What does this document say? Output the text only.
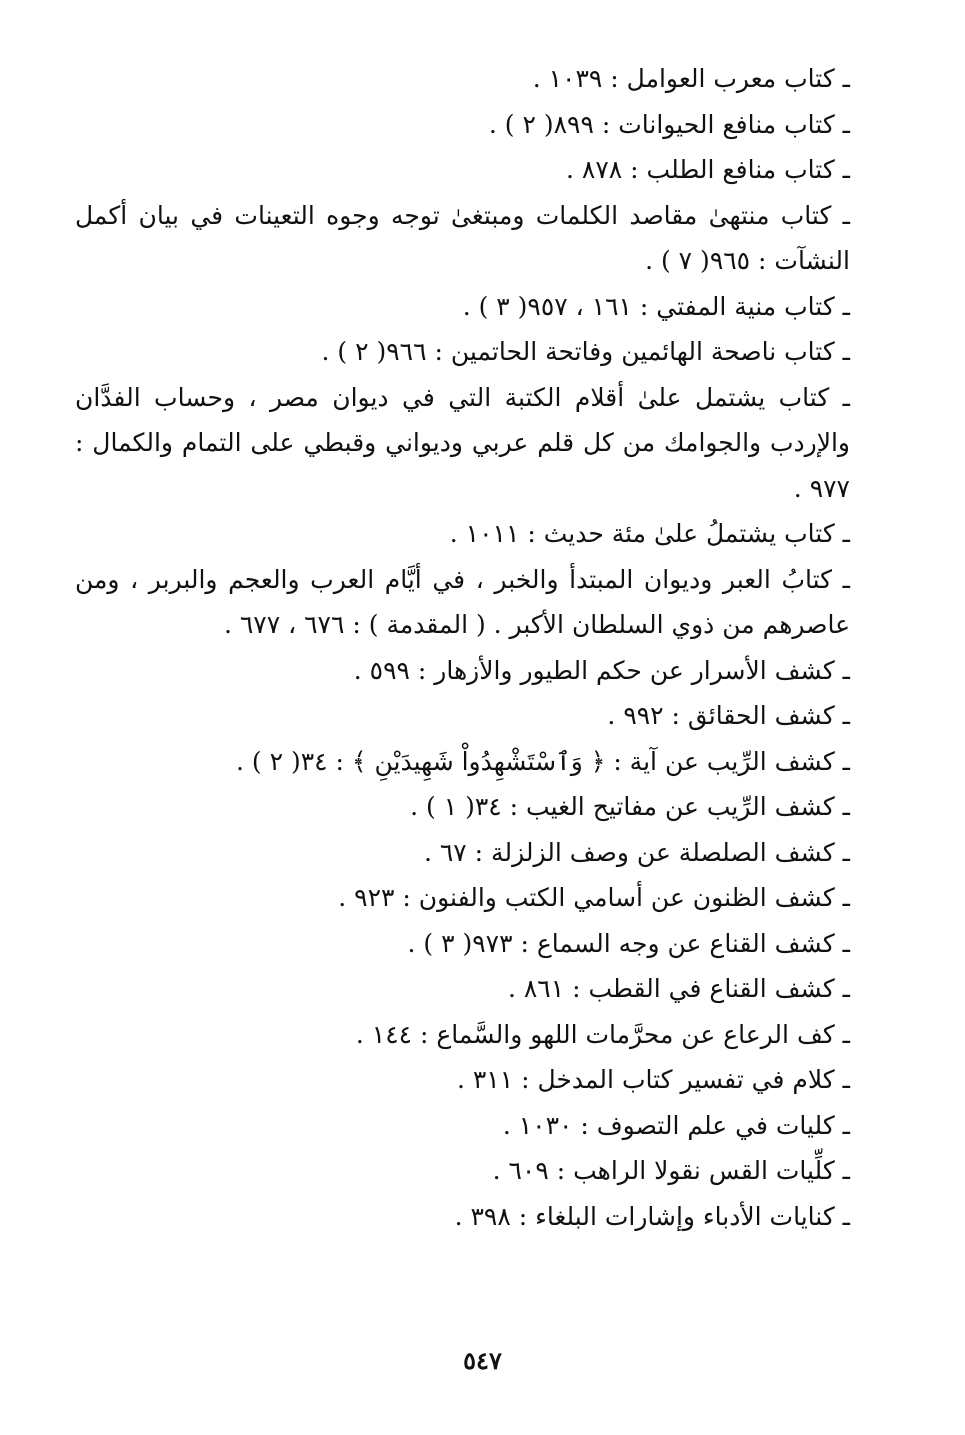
ـ كتاب معرب العوامل : ١٠٣٩ .
ـ كتاب منافع الحيوانات : ٨٩٩( ٢ ) .
ـ كتاب منافع الطلب : ٨٧٨ .
ـ كتاب منتهىٰ مقاصد الكلمات ومبتغىٰ توجه وجوه التعينات في بيان أكمل النشآت : ٩٦٥( ٧ ) .
ـ كتاب منية المفتي : ١٦١ ، ٩٥٧( ٣ ) .
ـ كتاب ناصحة الهائمين وفاتحة الحاتمين : ٩٦٦( ٢ ) .
ـ كتاب يشتمل علىٰ أقلام الكتبة التي في ديوان مصر ، وحساب الفدَّان والإردب والجوامك من كل قلم عربي وديواني وقبطي على التمام والكمال : ٩٧٧ .
ـ كتاب يشتملُ علىٰ مئة حديث : ١٠١١ .
ـ كتابُ العبر وديوان المبتدأ والخبر ، في أيَّام العرب والعجم والبربر ، ومن عاصرهم من ذوي السلطان الأكبر . ( المقدمة ) : ٦٧٦ ، ٦٧٧ .
ـ كشف الأسرار عن حكم الطيور والأزهار : ٥٩٩ .
ـ كشف الحقائق : ٩٩٢ .
ـ كشف الرِّيب عن آية : ﴿ وَٱسْتَشْهِدُواْ شَهِيدَيْنِ ﴾ : ٣٤( ٢ ) .
ـ كشف الرِّيب عن مفاتيح الغيب : ٣٤( ١ ) .
ـ كشف الصلصلة عن وصف الزلزلة : ٦٧ .
ـ كشف الظنون عن أسامي الكتب والفنون : ٩٢٣ .
ـ كشف القناع عن وجه السماع : ٩٧٣( ٣ ) .
ـ كشف القناع في القطب : ٨٦١ .
ـ كف الرعاع عن محرَّمات اللهو والسَّماع : ١٤٤ .
ـ كلام في تفسير كتاب المدخل : ٣١١ .
ـ كليات في علم التصوف : ١٠٣٠ .
ـ كلِّيات القس نقولا الراهب : ٦٠٩ .
ـ كنايات الأدباء وإشارات البلغاء : ٣٩٨ .
٥٤٧
